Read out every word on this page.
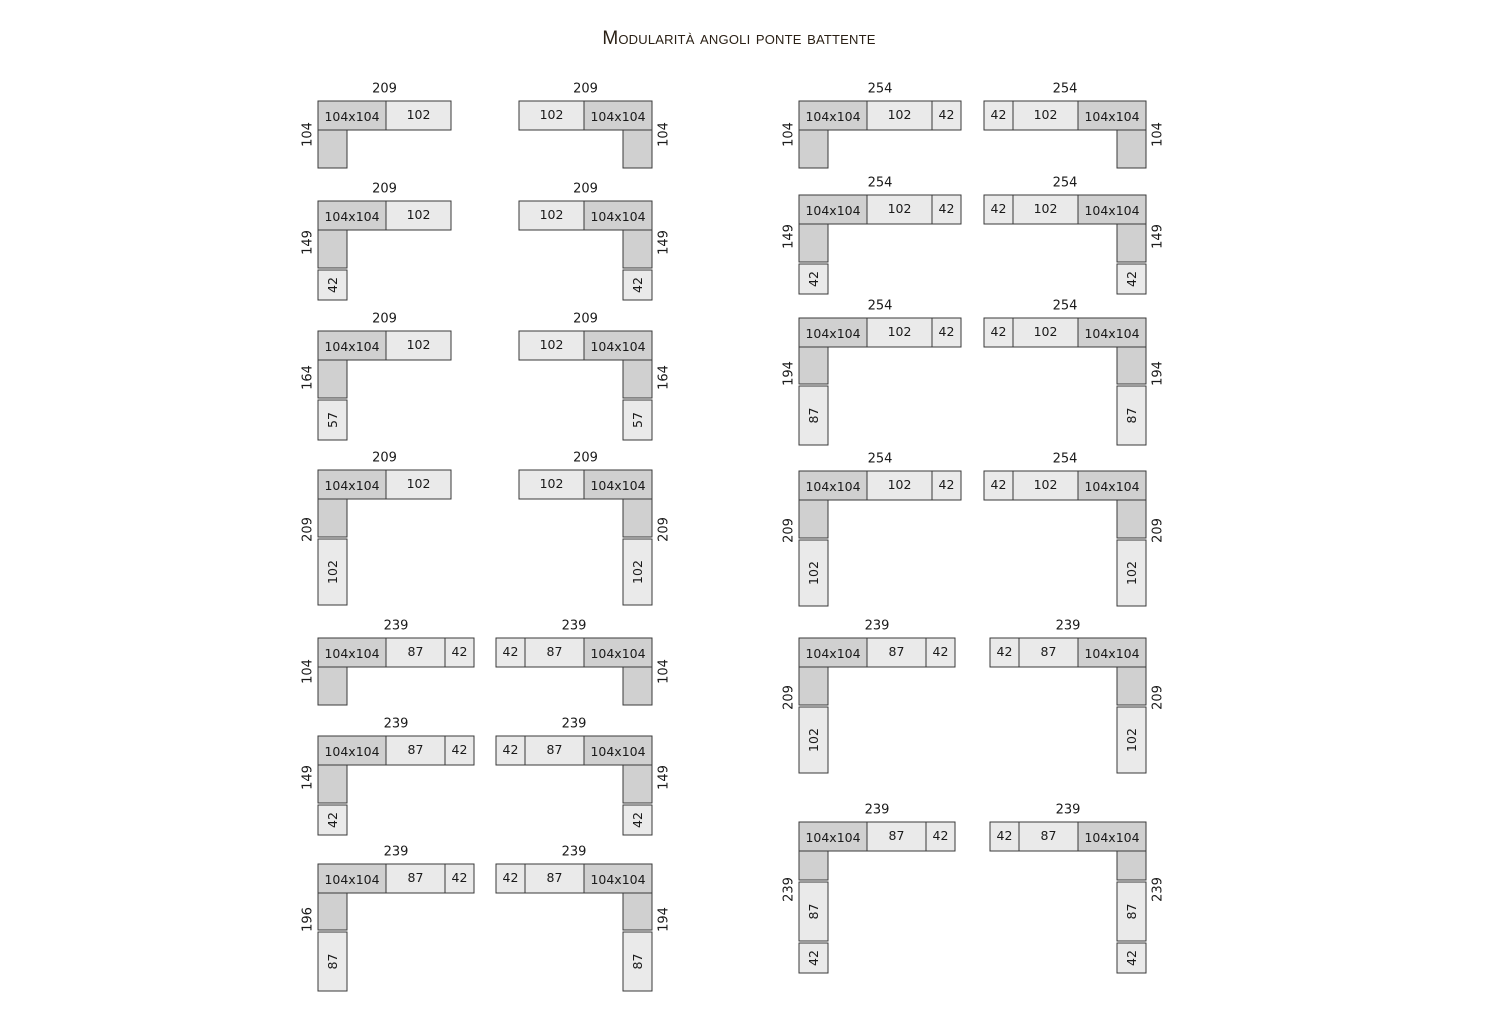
Modularità angoli ponte battente
104x104 102
209
104
102 104x104
209
104
104x104 102
42
209
149
102 104x104
42
209
149
104x104 102
57
209
164
102 104x104
57
209
164
104x104 102
102
209
209
102 104x104
102
209
209
104x104 87 42
239
104
42 87 104x104
239
104
104x104 87 42
42
239
149
42 87 104x104
42
239
149
104x104 87 42
87
239
196
42 87 104x104
87
239
194
104x104 102 42
254
104
42 102 104x104
254
104
104x104 102 42
42
254
149
42 102 104x104
42
254
149
104x104 102 42
87
254
194
42 102 104x104
87
254
194
104x104 102 42
102
254
209
42 102 104x104
102
254
209
104x104 87 42
102
239
209
42 87 104x104
102
239
209
104x104 87 42
87
42
239
239
42 87 104x104
87
42
239
239
